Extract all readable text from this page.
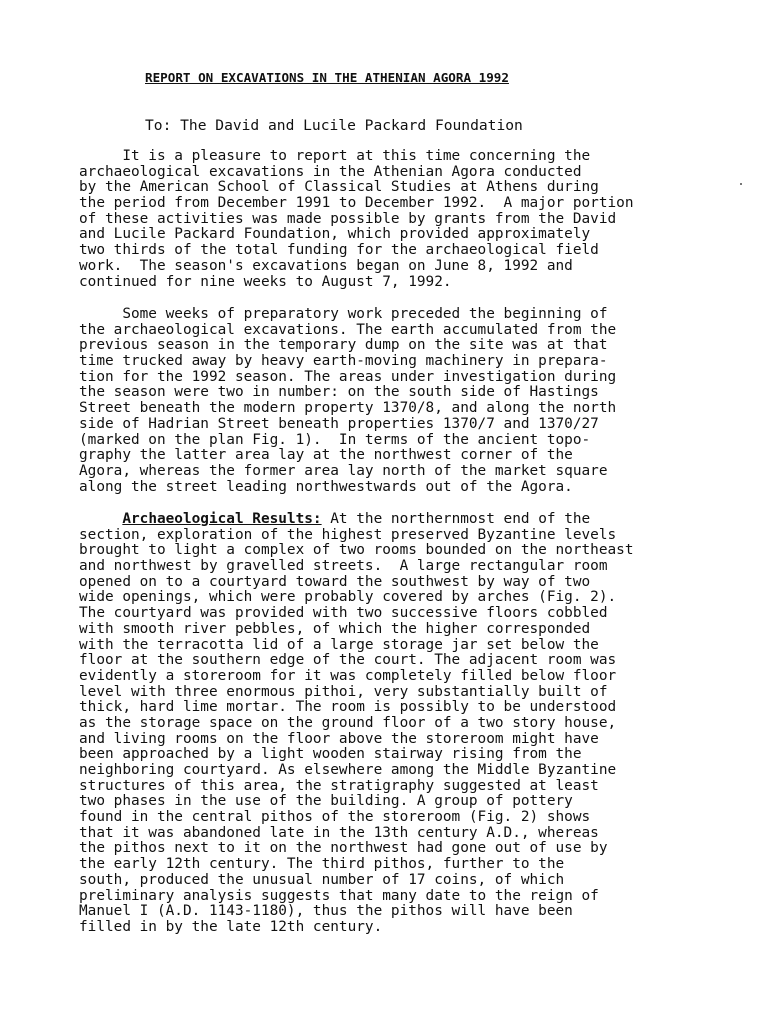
REPORT ON EXCAVATIONS IN THE ATHENIAN AGORA 1992
To: The David and Lucile Packard Foundation
It is a pleasure to report at this time concerning the
archaeological excavations in the Athenian Agora conducted
by the American School of Classical Studies at Athens during
the period from December 1991 to December 1992.  A major portion
of these activities was made possible by grants from the David
and Lucile Packard Foundation, which provided approximately
two thirds of the total funding for the archaeological field
work.  The season's excavations began on June 8, 1992 and
continued for nine weeks to August 7, 1992.
Some weeks of preparatory work preceded the beginning of
the archaeological excavations. The earth accumulated from the
previous season in the temporary dump on the site was at that
time trucked away by heavy earth-moving machinery in prepara-
tion for the 1992 season. The areas under investigation during
the season were two in number: on the south side of Hastings
Street beneath the modern property 1370/8, and along the north
side of Hadrian Street beneath properties 1370/7 and 1370/27
(marked on the plan Fig. 1).  In terms of the ancient topo-
graphy the latter area lay at the northwest corner of the
Agora, whereas the former area lay north of the market square
along the street leading northwestwards out of the Agora.
Archaeological Results: At the northernmost end of the
section, exploration of the highest preserved Byzantine levels
brought to light a complex of two rooms bounded on the northeast
and northwest by gravelled streets.  A large rectangular room
opened on to a courtyard toward the southwest by way of two
wide openings, which were probably covered by arches (Fig. 2).
The courtyard was provided with two successive floors cobbled
with smooth river pebbles, of which the higher corresponded
with the terracotta lid of a large storage jar set below the
floor at the southern edge of the court. The adjacent room was
evidently a storeroom for it was completely filled below floor
level with three enormous pithoi, very substantially built of
thick, hard lime mortar. The room is possibly to be understood
as the storage space on the ground floor of a two story house,
and living rooms on the floor above the storeroom might have
been approached by a light wooden stairway rising from the
neighboring courtyard. As elsewhere among the Middle Byzantine
structures of this area, the stratigraphy suggested at least
two phases in the use of the building. A group of pottery
found in the central pithos of the storeroom (Fig. 2) shows
that it was abandoned late in the 13th century A.D., whereas
the pithos next to it on the northwest had gone out of use by
the early 12th century. The third pithos, further to the
south, produced the unusual number of 17 coins, of which
preliminary analysis suggests that many date to the reign of
Manuel I (A.D. 1143-1180), thus the pithos will have been
filled in by the late 12th century.
